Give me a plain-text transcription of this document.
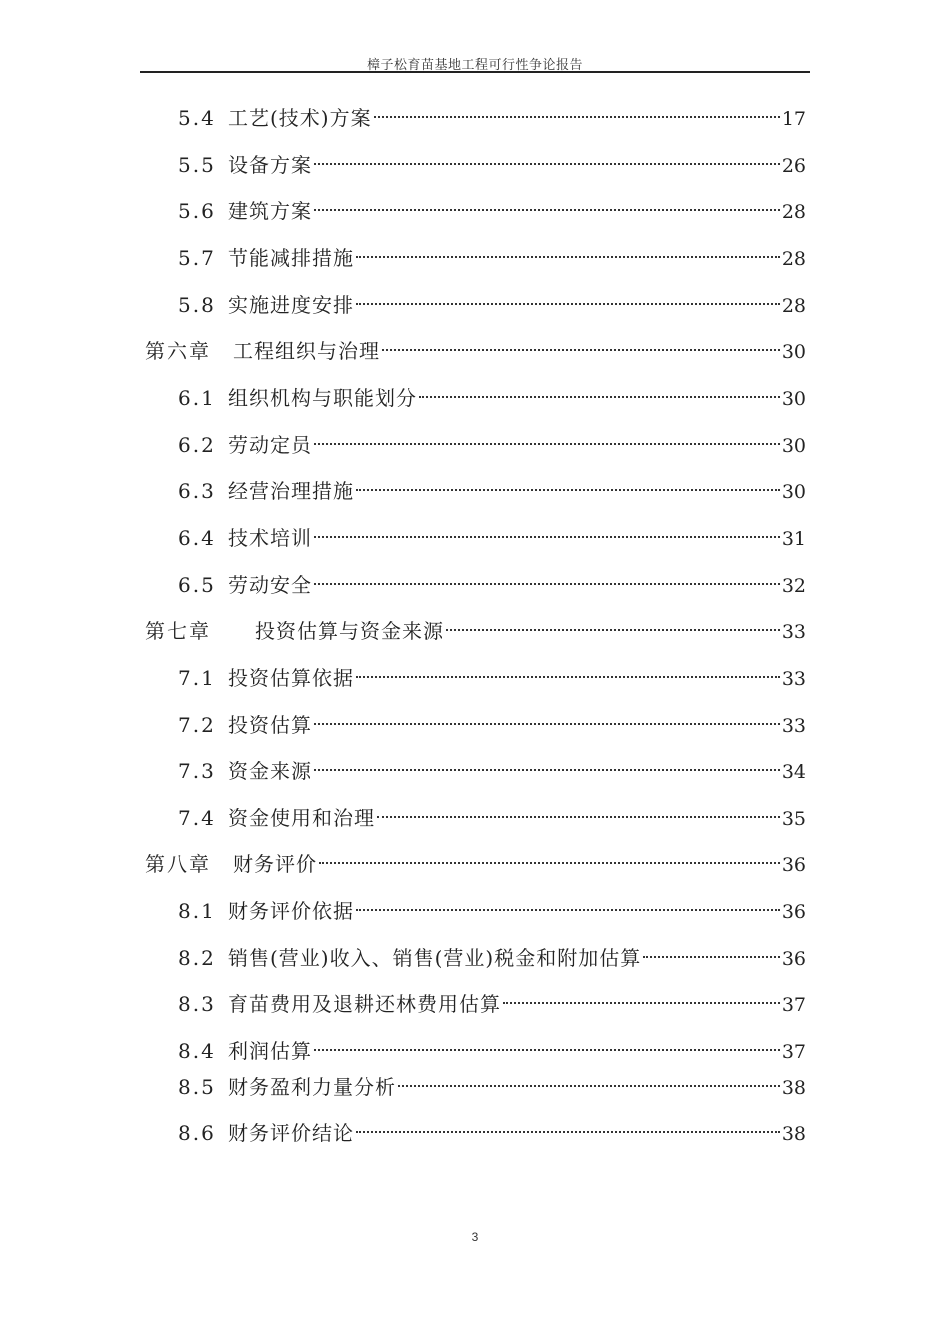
樟子松育苗基地工程可行性争论报告
5.4 工艺(技术)方案	17
5.5 设备方案	26
5.6 建筑方案	28
5.7 节能减排措施	28
5.8 实施进度安排	28
第六章	工程组织与治理	30
6.1 组织机构与职能划分	30
6.2 劳动定员	30
6.3 经营治理措施	30
6.4 技术培训	31
6.5 劳动安全	32
第七章	投资估算与资金来源	33
7.1 投资估算依据	33
7.2 投资估算	33
7.3 资金来源	34
7.4 资金使用和治理	35
第八章	财务评价	36
8.1 财务评价依据	36
8.2 销售(营业)收入、销售(营业)税金和附加估算	36
8.3 育苗费用及退耕还林费用估算	37
8.4 利润估算	37
8.5 财务盈利力量分析	38
8.6 财务评价结论	38
3
